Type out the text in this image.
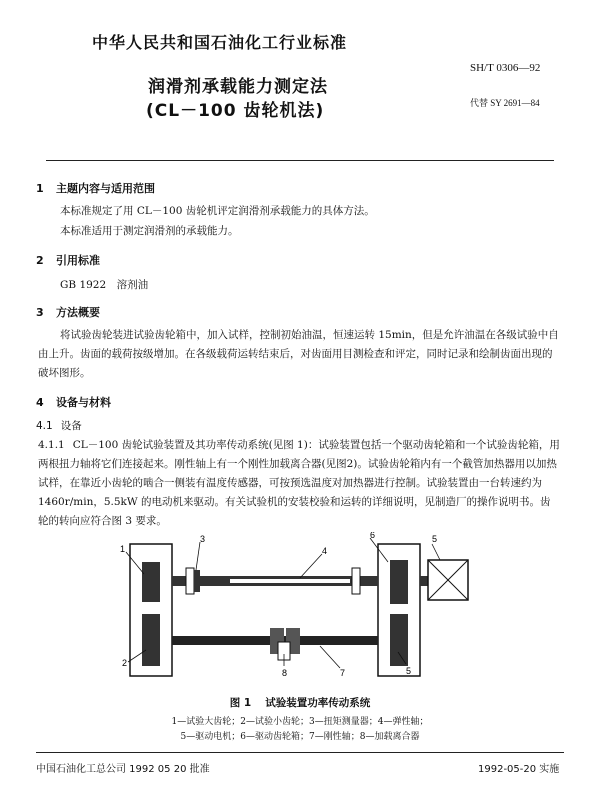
中华人民共和国石油化工行业标准
SH/T 0306—92
润滑剂承载能力测定法
(CL－100 齿轮机法)	代替 SY 2691—84
1 主题内容与适用范围
本标准规定了用 CL－100 齿轮机评定润滑剂承载能力的具体方法。
本标准适用于测定润滑剂的承载能力。
2 引用标准
GB 1922　溶剂油
3 方法概要
将试验齿轮装进试验齿轮箱中，加入试样，控制初始油温，恒速运转 15min，但是允许油温在各级试验中自由上升。齿面的载荷按级增加。在各级载荷运转结束后，对齿面用目测检查和评定，同时记录和绘制齿面出现的破坏图形。
4 设备与材料
4.1 设备
4.1.1 CL－100 齿轮试验装置及其功率传动系统(见图 1)：试验装置包括一个驱动齿轮箱和一个试验齿轮箱，用两根扭力轴将它们连接起来。刚性轴上有一个刚性加载离合器(见图2)。试验齿轮箱内有一个截管加热器用以加热试样，在靠近小齿轮的啮合一侧装有温度传感器，可按预选温度对加热器进行控制。试验装置由一台转速约为 1460r/min，5.5kW 的电动机来驱动。有关试验机的安装校验和运转的详细说明，见制造厂的操作说明书。齿轮的转向应符合图 3 要求。
1
2
3
4
5
6
7
8	5
图 1 试验装置功率传动系统
1—试验大齿轮；2—试验小齿轮；3—扭矩测量器；4—弹性轴；
5—驱动电机；6—驱动齿轮箱；7—刚性轴；8—加载离合器
中国石油化工总公司 1992 05 20 批准	1992-05-20 实施
